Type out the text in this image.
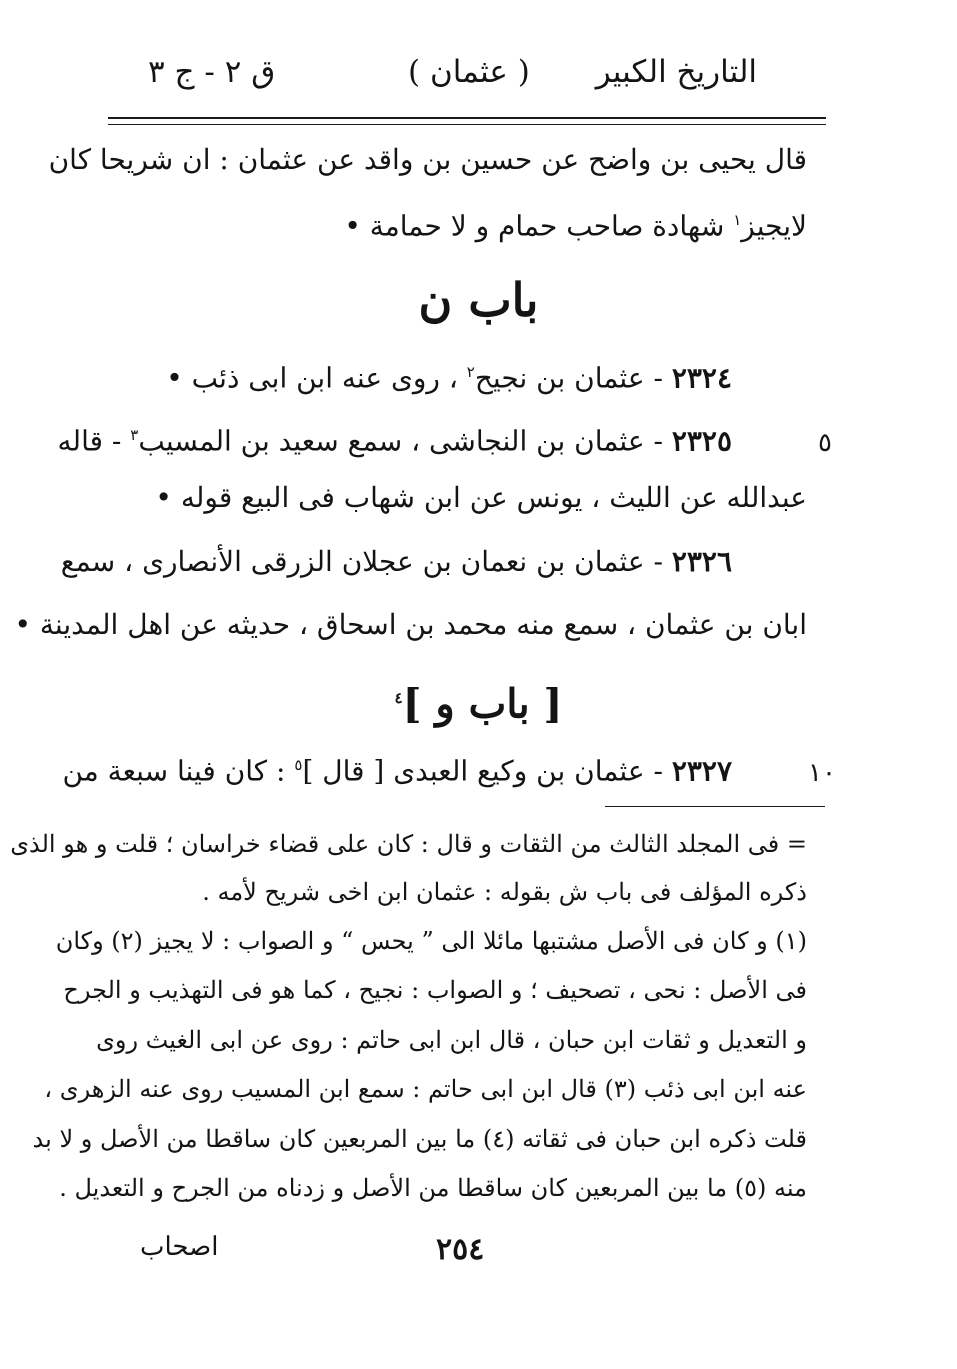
التاريخ الكبير
( عثمان )
ق ٢ - ج ٣
قال يحيى بن واضح عن حسين بن واقد عن عثمان : ان شريحا كان
لايجيز$^١$ شهادة صاحب حمام و لا حمامة •
باب ن
٢٣٢٤ - عثمان بن نجيح$^٢$ ، روى عنه ابن ابى ذئب •
٥
٢٣٢٥ - عثمان بن النجاشى ، سمع سعيد بن المسيب$^٣$ - قاله
عبدالله عن الليث ، يونس عن ابن شهاب فى البيع قوله •
٢٣٢٦ - عثمان بن نعمان بن عجلان الزرقى الأنصارى ، سمع
ابان بن عثمان ، سمع منه محمد بن اسحاق ، حديثه عن اهل المدينة •
[ باب و ]$^٤$
١٠
٢٣٢٧ - عثمان بن وكيع العبدى [ قال ]$^٥$ : كان فينا سبعة من
= فى المجلد الثالث من الثقات و قال : كان على قضاء خراسان ؛ قلت و هو الذى
ذكره المؤلف فى باب ش بقوله : عثمان ابن اخى شريح لأمه .
(١) و كان فى الأصل مشتبها مائلا الى ” يحس “ و الصواب : لا يجيز (٢) وكان
فى الأصل : نحى ، تصحيف ؛ و الصواب : نجيح ، كما هو فى التهذيب و الجرح
و التعديل و ثقات ابن حبان ، قال ابن ابى حاتم : روى عن ابى الغيث روى
عنه ابن ابى ذئب (٣) قال ابن ابى حاتم : سمع ابن المسيب روى عنه الزهرى ،
قلت ذكره ابن حبان فى ثقاته (٤) ما بين المربعين كان ساقطا من الأصل و لا بد
منه (٥) ما بين المربعين كان ساقطا من الأصل و زدناه من الجرح و التعديل .
٢٥٤
اصحاب
